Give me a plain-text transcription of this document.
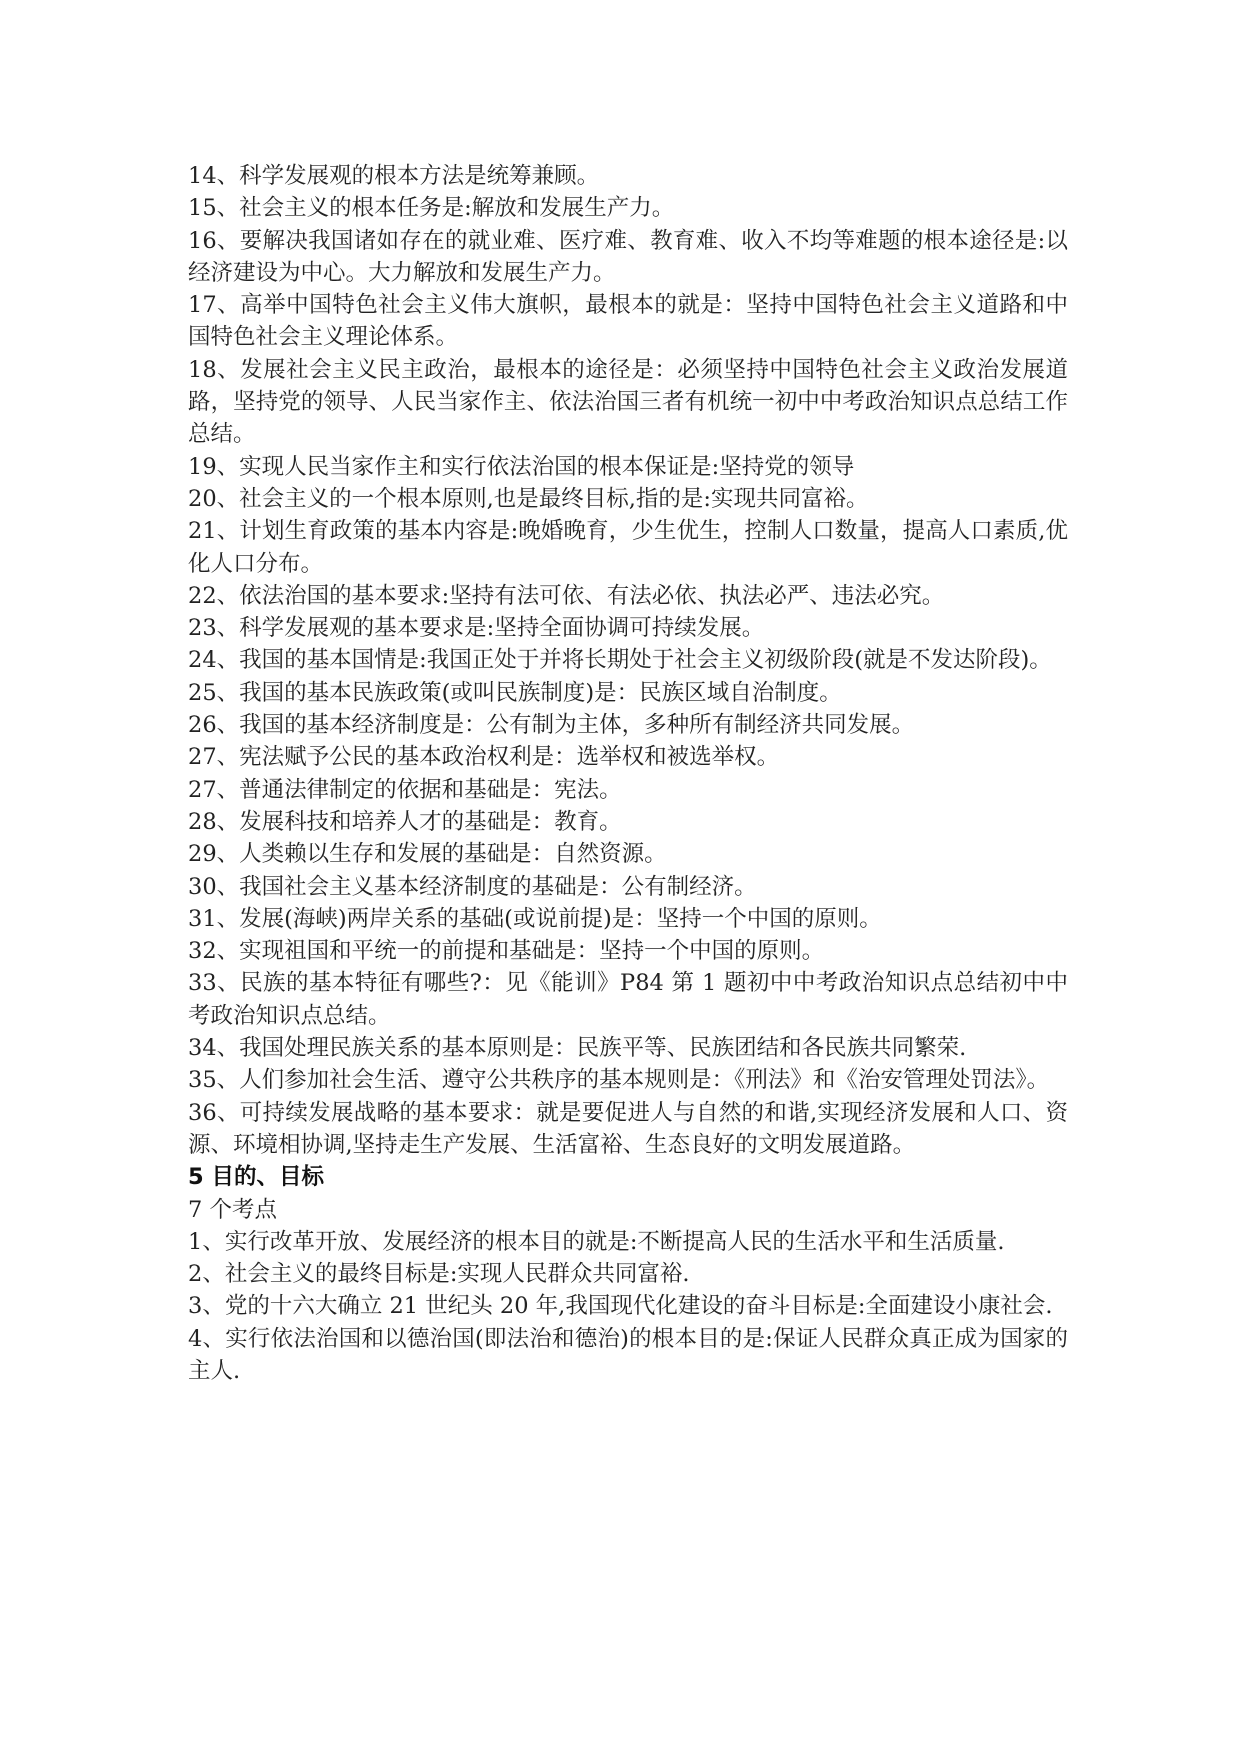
14、科学发展观的根本方法是统筹兼顾。

15、社会主义的根本任务是:解放和发展生产力。

16、要解决我国诸如存在的就业难、医疗难、教育难、收入不均等难题的根本途径是:以经济建设为中心。大力解放和发展生产力。

17、高举中国特色社会主义伟大旗帜，最根本的就是：坚持中国特色社会主义道路和中国特色社会主义理论体系。

18、发展社会主义民主政治，最根本的途径是：必须坚持中国特色社会主义政治发展道路，坚持党的领导、人民当家作主、依法治国三者有机统一初中中考政治知识点总结工作总结。

19、实现人民当家作主和实行依法治国的根本保证是:坚持党的领导

20、社会主义的一个根本原则,也是最终目标,指的是:实现共同富裕。

21、计划生育政策的基本内容是:晚婚晚育，少生优生，控制人口数量，提高人口素质,优化人口分布。

22、依法治国的基本要求:坚持有法可依、有法必依、执法必严、违法必究。

23、科学发展观的基本要求是:坚持全面协调可持续发展。

24、我国的基本国情是:我国正处于并将长期处于社会主义初级阶段(就是不发达阶段)。

25、我国的基本民族政策(或叫民族制度)是：民族区域自治制度。

26、我国的基本经济制度是：公有制为主体，多种所有制经济共同发展。

27、宪法赋予公民的基本政治权利是：选举权和被选举权。

27、普通法律制定的依据和基础是：宪法。

28、发展科技和培养人才的基础是：教育。

29、人类赖以生存和发展的基础是：自然资源。

30、我国社会主义基本经济制度的基础是：公有制经济。

31、发展(海峡)两岸关系的基础(或说前提)是：坚持一个中国的原则。

32、实现祖国和平统一的前提和基础是：坚持一个中国的原则。

33、民族的基本特征有哪些?：见《能训》P84 第 1 题初中中考政治知识点总结初中中考政治知识点总结。

34、我国处理民族关系的基本原则是：民族平等、民族团结和各民族共同繁荣.

35、人们参加社会生活、遵守公共秩序的基本规则是：《刑法》和《治安管理处罚法》。

36、可持续发展战略的基本要求：就是要促进人与自然的和谐,实现经济发展和人口、资源、环境相协调,坚持走生产发展、生活富裕、生态良好的文明发展道路。

5 目的、目标

7 个考点

1、实行改革开放、发展经济的根本目的就是:不断提高人民的生活水平和生活质量.

2、社会主义的最终目标是:实现人民群众共同富裕.

3、党的十六大确立 21 世纪头 20 年,我国现代化建设的奋斗目标是:全面建设小康社会.

4、实行依法治国和以德治国(即法治和德治)的根本目的是:保证人民群众真正成为国家的主人.
